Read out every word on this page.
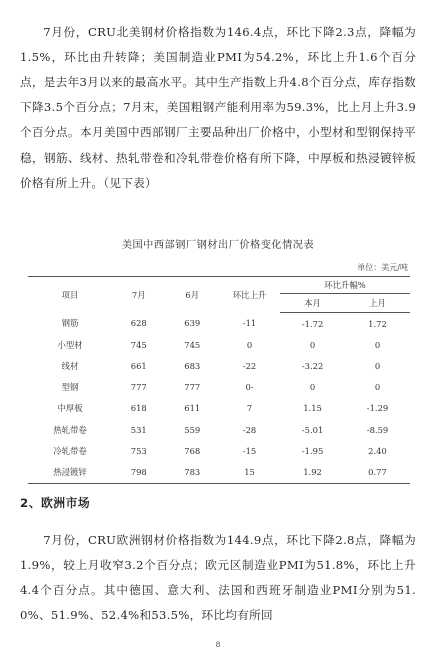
7月份，CRU北美钢材价格指数为146.4点，环比下降2.3点，降幅为1.5%，环比由升转降；美国制造业PMI为54.2%，环比上升1.6个百分点，是去年3月以来的最高水平。其中生产指数上升4.8个百分点，库存指数下降3.5个百分点；7月末，美国粗钢产能利用率为59.3%，比上月上升3.9个百分点。本月美国中西部钢厂主要品种出厂价格中，小型材和型钢保持平稳，钢筋、线材、热轧带卷和冷轧带卷价格有所下降，中厚板和热浸镀锌板价格有所上升。（见下表）

美国中西部钢厂钢材出厂价格变化情况表
单位：美元/吨
项目	7月	6月	环比上升	环比升幅%	
				本月	上月
钢筋	628	639	-11	-1.72	1.72
小型材	745	745	0	0	0
线材	661	683	-22	-3.22	0
型钢	777	777	0-	0	0
中厚板	618	611	7	1.15	-1.29
热轧带卷	531	559	-28	-5.01	-8.59
冷轧带卷	753	768	-15	-1.95	2.40
热浸镀锌	798	783	15	1.92	0.77
2、欧洲市场

7月份，CRU欧洲钢材价格指数为144.9点，环比下降2.8点，降幅为1.9%，较上月收窄3.2个百分点；欧元区制造业PMI为51.8%，环比上升4.4个百分点。其中德国、意大利、法国和西班牙制造业PMI分别为51.0%、51.9%、52.4%和53.5%，环比均有所回

8
